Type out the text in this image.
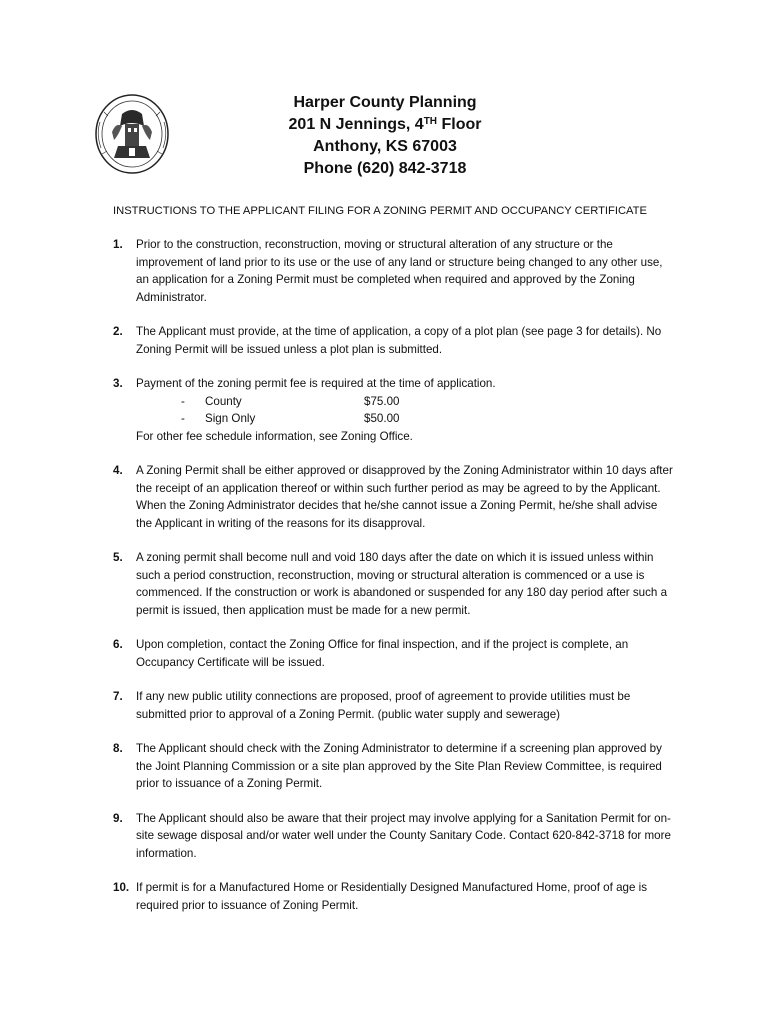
Harper County Planning
201 N Jennings, 4TH Floor
Anthony, KS 67003
Phone (620) 842-3718
INSTRUCTIONS TO THE APPLICANT FILING FOR A ZONING PERMIT AND OCCUPANCY CERTIFICATE
1. Prior to the construction, reconstruction, moving or structural alteration of any structure or the improvement of land prior to its use or the use of any land or structure being changed to any other use, an application for a Zoning Permit must be completed when required and approved by the Zoning Administrator.
2. The Applicant must provide, at the time of application, a copy of a plot plan (see page 3 for details). No Zoning Permit will be issued unless a plot plan is submitted.
3. Payment of the zoning permit fee is required at the time of application.
-	County	$75.00
-	Sign Only	$50.00
For other fee schedule information, see Zoning Office.
4. A Zoning Permit shall be either approved or disapproved by the Zoning Administrator within 10 days after the receipt of an application thereof or within such further period as may be agreed to by the Applicant. When the Zoning Administrator decides that he/she cannot issue a Zoning Permit, he/she shall advise the Applicant in writing of the reasons for its disapproval.
5. A zoning permit shall become null and void 180 days after the date on which it is issued unless within such a period construction, reconstruction, moving or structural alteration is commenced or a use is commenced. If the construction or work is abandoned or suspended for any 180 day period after such a permit is issued, then application must be made for a new permit.
6. Upon completion, contact the Zoning Office for final inspection, and if the project is complete, an Occupancy Certificate will be issued.
7. If any new public utility connections are proposed, proof of agreement to provide utilities must be submitted prior to approval of a Zoning Permit. (public water supply and sewerage)
8. The Applicant should check with the Zoning Administrator to determine if a screening plan approved by the Joint Planning Commission or a site plan approved by the Site Plan Review Committee, is required prior to issuance of a Zoning Permit.
9. The Applicant should also be aware that their project may involve applying for a Sanitation Permit for on-site sewage disposal and/or water well under the County Sanitary Code. Contact 620-842-3718 for more information.
10. If permit is for a Manufactured Home or Residentially Designed Manufactured Home, proof of age is required prior to issuance of Zoning Permit.
